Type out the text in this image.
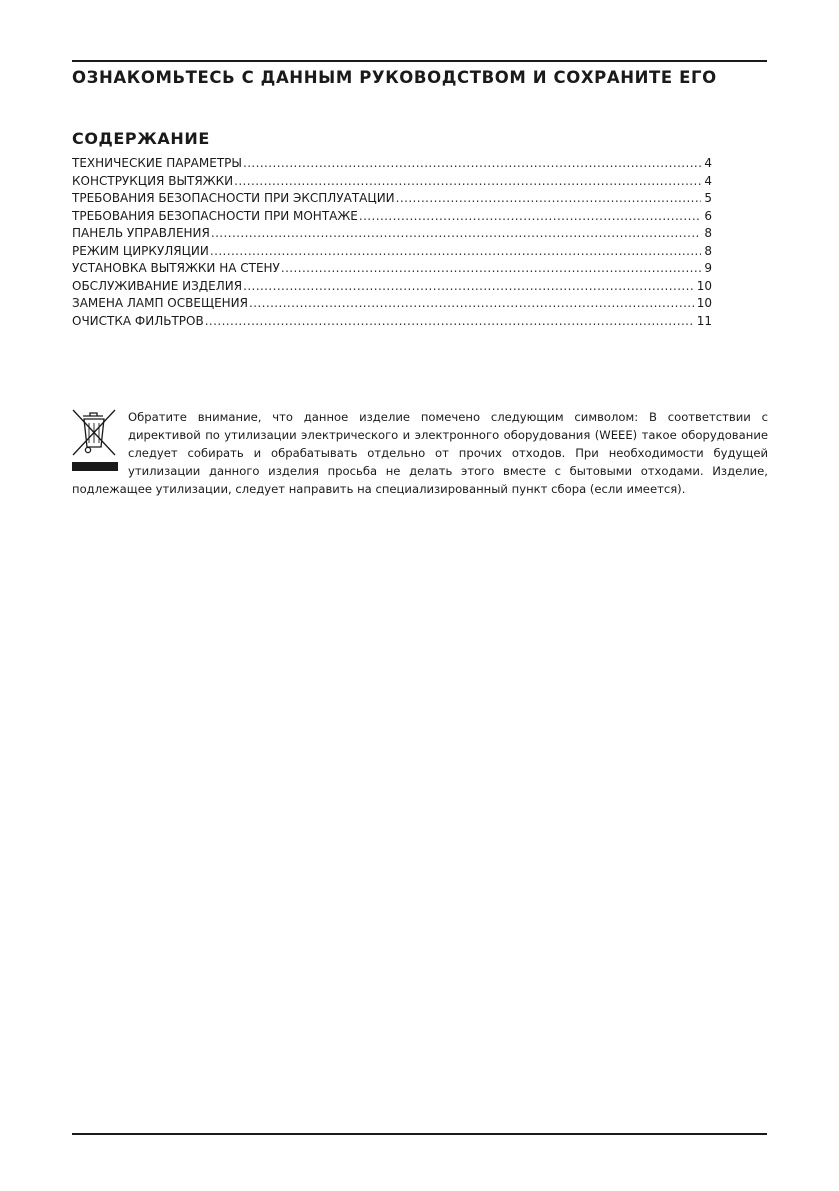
ОЗНАКОМЬТЕСЬ С ДАННЫМ РУКОВОДСТВОМ И СОХРАНИТЕ ЕГО
СОДЕРЖАНИЕ
ТЕХНИЧЕСКИЕ ПАРАМЕТРЫ .....	4
КОНСТРУКЦИЯ ВЫТЯЖКИ .....	4
ТРЕБОВАНИЯ БЕЗОПАСНОСТИ ПРИ ЭКСПЛУАТАЦИИ .....	5
ТРЕБОВАНИЯ БЕЗОПАСНОСТИ ПРИ МОНТАЖЕ .....	6
ПАНЕЛЬ УПРАВЛЕНИЯ .....	8
РЕЖИМ ЦИРКУЛЯЦИИ .....	8
УСТАНОВКА ВЫТЯЖКИ НА СТЕНУ .....	9
ОБСЛУЖИВАНИЕ ИЗДЕЛИЯ .....	10
ЗАМЕНА ЛАМП ОСВЕЩЕНИЯ .....	10
ОЧИСТКА ФИЛЬТРОВ .....	11

Обратите внимание, что данное изделие помечено следующим символом: В соответствии с директивой по утилизации электрического и электронного оборудования (WEEE) такое оборудование следует собирать и обрабатывать отдельно от прочих отходов. При необходимости будущей утилизации данного изделия просьба не делать этого вместе с бытовыми отходами. Изделие, подлежащее утилизации, следует направить на специализированный пункт сбора (если имеется).
